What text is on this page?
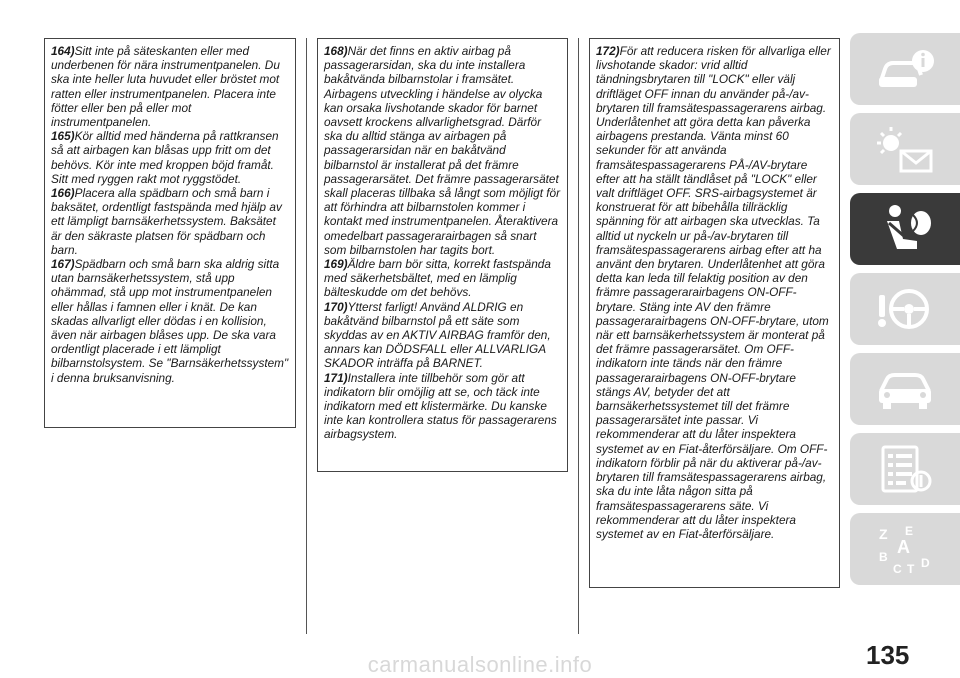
164)Sitt inte på säteskanten eller med underbenen för nära instrumentpanelen. Du ska inte heller luta huvudet eller bröstet mot ratten eller instrumentpanelen. Placera inte fötter eller ben på eller mot instrumentpanelen.

165)Kör alltid med händerna på rattkransen så att airbagen kan blåsas upp fritt om det behövs. Kör inte med kroppen böjd framåt. Sitt med ryggen rakt mot ryggstödet.

166)Placera alla spädbarn och små barn i baksätet, ordentligt fastspända med hjälp av ett lämpligt barnsäkerhetssystem. Baksätet är den säkraste platsen för spädbarn och barn.

167)Spädbarn och små barn ska aldrig sitta utan barnsäkerhetssystem, stå upp ohämmad, stå upp mot instrumentpanelen eller hållas i famnen eller i knät. De kan skadas allvarligt eller dödas i en kollision, även när airbagen blåses upp. De ska vara ordentligt placerade i ett lämpligt bilbarnstolsystem. Se "Barnsäkerhetssystem" i denna bruksanvisning.

168)När det finns en aktiv airbag på passagerarsidan, ska du inte installera bakåtvända bilbarnstolar i framsätet. Airbagens utveckling i händelse av olycka kan orsaka livshotande skador för barnet oavsett krockens allvarlighetsgrad. Därför ska du alltid stänga av airbagen på passagerarsidan när en bakåtvänd bilbarnstol är installerat på det främre passagerarsätet. Det främre passagerarsätet skall placeras tillbaka så långt som möjligt för att förhindra att bilbarnstolen kommer i kontakt med instrumentpanelen. Återaktivera omedelbart passagerarairbagen så snart som bilbarnstolen har tagits bort.

169)Äldre barn bör sitta, korrekt fastspända med säkerhetsbältet, med en lämplig bälteskudde om det behövs.

170)Ytterst farligt! Använd ALDRIG en bakåtvänd bilbarnstol på ett säte som skyddas av en AKTIV AIRBAG framför den, annars kan DÖDSFALL eller ALLVARLIGA SKADOR inträffa på BARNET.

171)Installera inte tillbehör som gör att indikatorn blir omöjlig att se, och täck inte indikatorn med ett klistermärke. Du kanske inte kan kontrollera status för passagerarens airbagsystem.

172)För att reducera risken för allvarliga eller livshotande skador: vrid alltid tändningsbrytaren till "LOCK" eller välj driftläget OFF innan du använder på-/av-brytaren till framsätespassagerarens airbag. Underlåtenhet att göra detta kan påverka airbagens prestanda. Vänta minst 60 sekunder för att använda framsätespassagerarens PÅ-/AV-brytare efter att ha ställt tändlåset på "LOCK" eller valt driftläget OFF. SRS-airbagsystemet är konstruerat för att bibehålla tillräcklig spänning för att airbagen ska utvecklas. Ta alltid ut nyckeln ur på-/av-brytaren till framsätespassagerarens airbag efter att ha använt den brytaren. Underlåtenhet att göra detta kan leda till felaktig position av den främre passagerarairbagens ON-OFF-brytare. Stäng inte AV den främre passagerarairbagens ON-OFF-brytare, utom när ett barnsäkerhetssystem är monterat på det främre passagerarsätet. Om OFF-indikatorn inte tänds när den främre passagerarairbagens ON-OFF-brytare stängs AV, betyder det att barnsäkerhetssystemet till det främre passagerarsätet inte passar. Vi rekommenderar att du låter inspektera systemet av en Fiat-återförsäljare. Om OFF-indikatorn förblir på när du aktiverar på-/av-brytaren till framsätespassagerarens airbag, ska du inte låta någon sitta på framsätespassagerarens säte. Vi rekommenderar att du låter inspektera systemet av en Fiat-återförsäljare.	Z E
A
B
C T D
135
carmanualsonline.info
